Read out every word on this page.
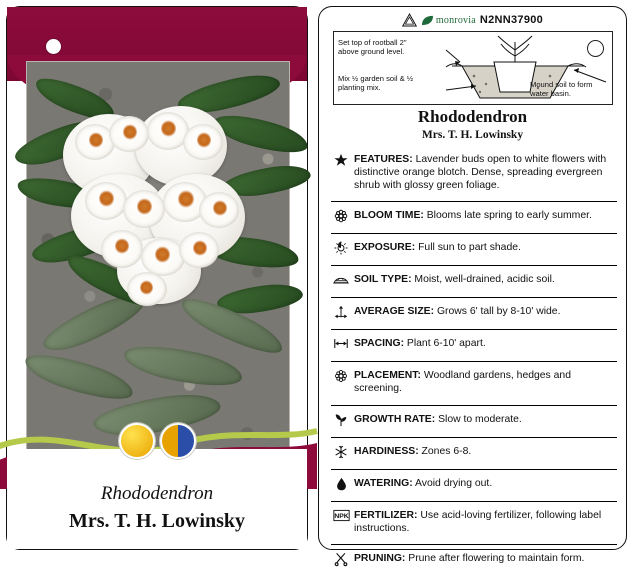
Rhododendron
Mrs. T. H. Lowinsky
monrovia N2NN37900
Set top of rootball 2" above ground level.
Mix ½ garden soil & ½ planting mix.	Mound soil to form water basin.
Rhododendron
Mrs. T. H. Lowinsky
FEATURES: Lavender buds open to white flowers with distinctive orange blotch. Dense, spreading evergreen shrub with glossy green foliage.
BLOOM TIME: Blooms late spring to early summer.
EXPOSURE: Full sun to part shade.
SOIL TYPE: Moist, well-drained, acidic soil.
AVERAGE SIZE: Grows 6' tall by 8-10' wide.
SPACING: Plant 6-10' apart.
PLACEMENT: Woodland gardens, hedges and screening.
GROWTH RATE: Slow to moderate.
HARDINESS: Zones 6-8.
WATERING: Avoid drying out.
NPK FERTILIZER: Use acid-loving fertilizer, following label instructions.
PRUNING: Prune after flowering to maintain form.
